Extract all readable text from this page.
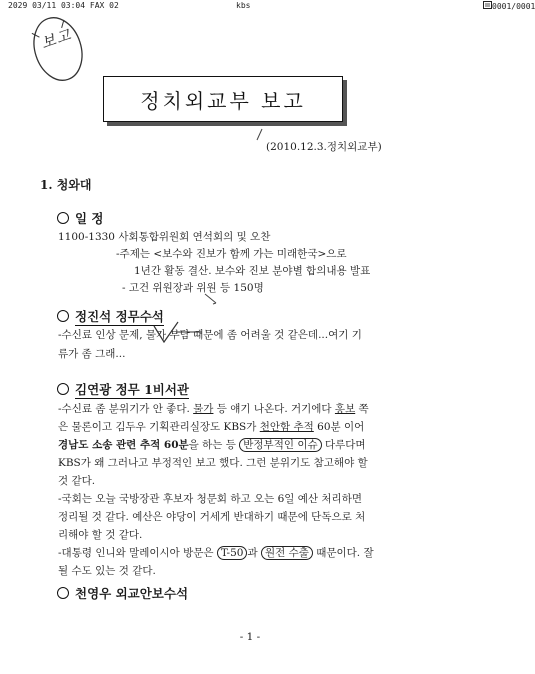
2029 03/11 03:04 FAX 02	kbs	0001/0001
보고
정치외교부 보고
(2010.12.3.정치외교부)
1. 청와대
일 정
1100-1330 사회통합위원회 연석회의 및 오찬
-주제는 <보수와 진보가 함께 가는 미래한국>으로
1년간 활동 결산. 보수와 진보 분야별 합의내용 발표
- 고건 위원장과 위원 등 150명
정진석 정무수석
-수신료 인상 문제, 물가 부담 때문에 좀 어려울 것 같은데...여기 기
류가 좀 그래...
김연광 정무 1비서관
-수신료 좀 분위기가 안 좋다. 물가 등 얘기 나온다. 거기에다 홍보 쪽
은 물론이고 김두우 기획관리실장도 KBS가 천안함 추적 60분 이어
경남도 소송 관련 추적 60분을 하는 등 반정부적인 이슈 다루다며
KBS가 왜 그러나고 부정적인 보고 했다. 그런 분위기도 참고해야 할
것 같다.
-국회는 오늘 국방장관 후보자 청문회 하고 오는 6일 예산 처리하면
정리될 것 같다. 예산은 야당이 거세게 반대하기 때문에 단독으로 처
리해야 할 것 같다.
-대통령 인니와 말레이시아 방문은 T-50 과 원전 수출 때문이다. 잘
될 수도 있는 것 같다.
천영우 외교안보수석
- 1 -
